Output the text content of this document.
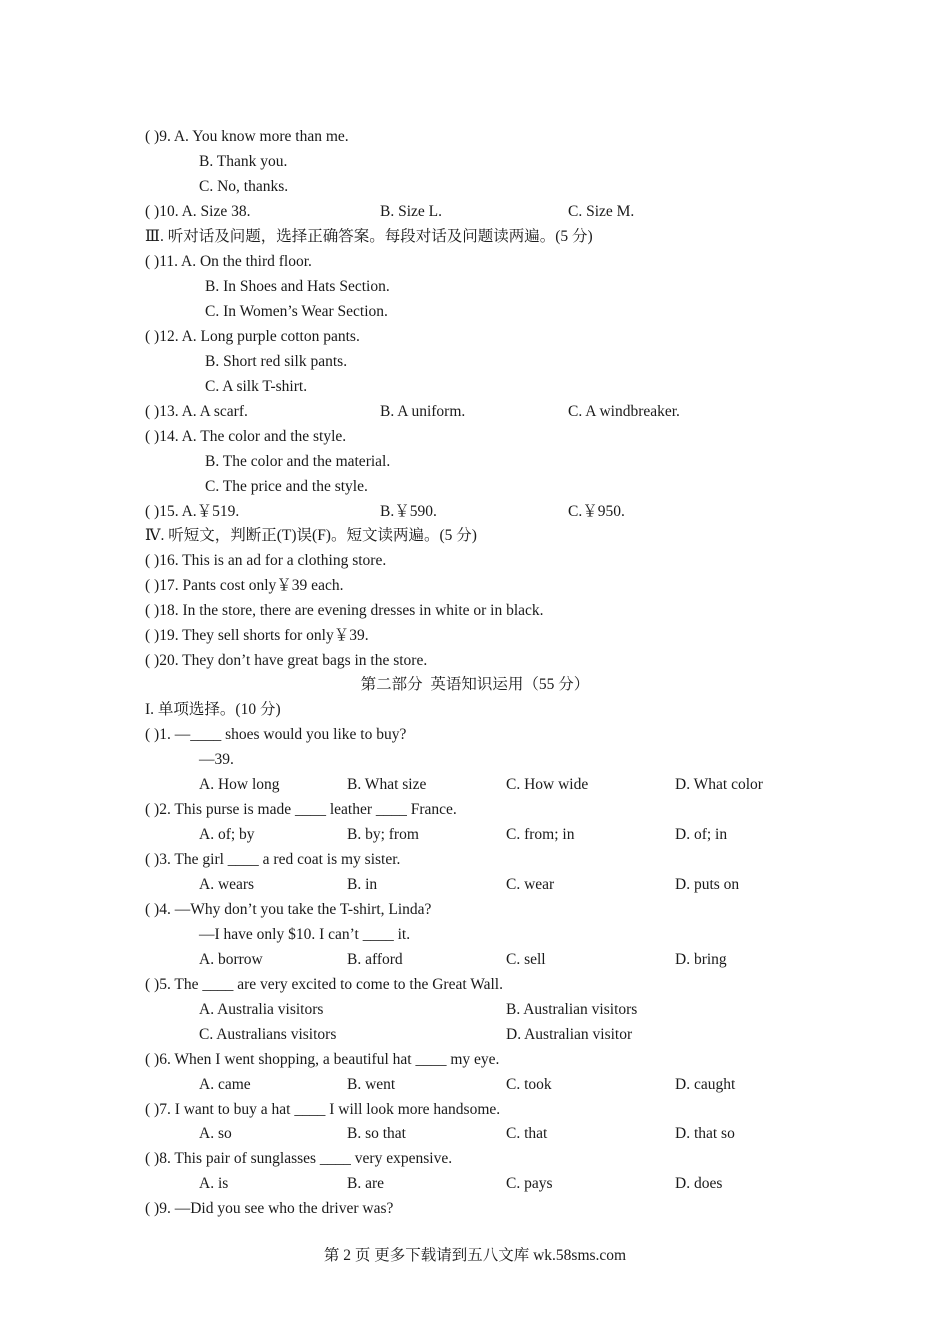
( )9. A. You know more than me.
B. Thank you.
C. No, thanks.
( )10. A. Size 38.	B. Size L.	C. Size M.
Ⅲ. 听对话及问题，选择正确答案。每段对话及问题读两遍。(5 分)
( )11. A. On the third floor.
B. In Shoes and Hats Section.
C. In Women’s Wear Section.
( )12. A. Long purple cotton pants.
B. Short red silk pants.
C. A silk T-shirt.
( )13. A. A scarf.	B. A uniform.	C. A windbreaker.
( )14. A. The color and the style.
B. The color and the material.
C. The price and the style.
( )15. A.￥519.	B.￥590.	C.￥950.
Ⅳ. 听短文，判断正(T)误(F)。短文读两遍。(5 分)
( )16. This is an ad for a clothing store.
( )17. Pants cost only￥39 each.
( )18. In the store, there are evening dresses in white or in black.
( )19. They sell shorts for only￥39.
( )20. They don’t have great bags in the store.
第二部分  英语知识运用（55 分）
I. 单项选择。(10 分)
( )1. —____ shoes would you like to buy?
—39.
A. How long	B. What size	C. How wide	D. What color
( )2. This purse is made ____ leather ____ France.
A. of; by	B. by; from	C. from; in	D. of; in
( )3. The girl ____ a red coat is my sister.
A. wears	B. in	C. wear	D. puts on
( )4. —Why don’t you take the T-shirt, Linda?
—I have only $10. I can’t ____ it.
A. borrow	B. afford	C. sell	D. bring
( )5. The ____ are very excited to come to the Great Wall.
A. Australia visitors	B. Australian visitors
C. Australians visitors	D. Australian visitor
( )6. When I went shopping, a beautiful hat ____ my eye.
A. came	B. went	C. took	D. caught
( )7. I want to buy a hat ____ I will look more handsome.
A. so	B. so that	C. that	D. that so
( )8. This pair of sunglasses ____ very expensive.
A. is	B. are	C. pays	D. does
( )9. —Did you see who the driver was?
第 2 页 更多下载请到五八文库 wk.58sms.com
